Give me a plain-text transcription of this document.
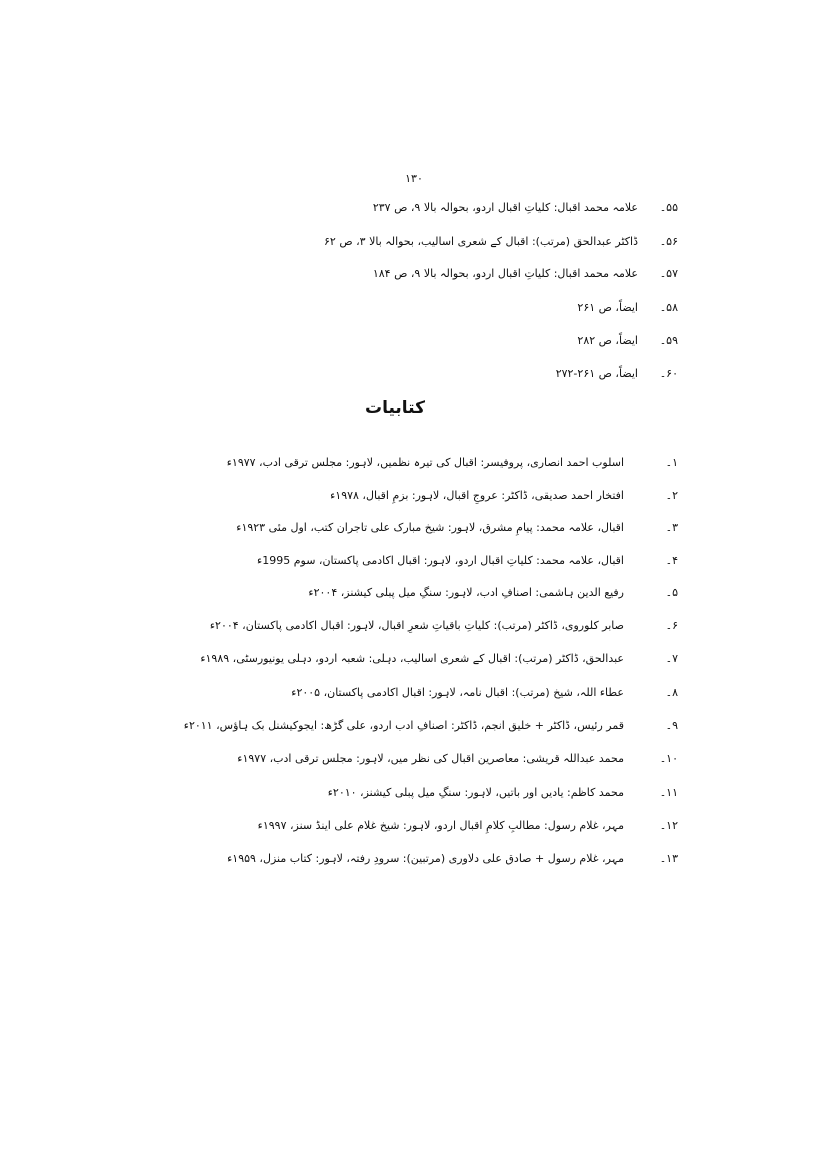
۱۳۰
۵۵۔
علامہ محمد اقبال: کلیاتِ اقبال اردو، بحوالہ بالا ۹، ص ۲۳۷
۵۶۔
ڈاکٹر عبدالحق (مرتب): اقبال کے شعری اسالیب، بحوالہ بالا ۳، ص ۶۲
۵۷۔
علامہ محمد اقبال: کلیاتِ اقبال اردو، بحوالہ بالا ۹، ص ۱۸۴
۵۸۔
ایضاً، ص ۲۶۱
۵۹۔
ایضاً، ص ۲۸۲
۶۰۔
ایضاً، ص ۲۶۱-۲۷۲
کتابیات
۱۔
اسلوب احمد انصاری، پروفیسر: اقبال کی تیرہ نظمیں، لاہور: مجلس ترقی ادب، ۱۹۷۷ء
۲۔
افتخار احمد صدیقی، ڈاکٹر: عروجِ اقبال، لاہور: بزمِ اقبال، ۱۹۷۸ء
۳۔
اقبال، علامہ محمد: پیامِ مشرق، لاہور: شیخ مبارک علی تاجران کتب، اول مئی ۱۹۲۳ء
۴۔
اقبال، علامہ محمد: کلیاتِ اقبال اردو، لاہور: اقبال اکادمی پاکستان، سوم 1995ء
۵۔
رفیع الدین ہاشمی: اصنافِ ادب، لاہور: سنگِ میل پبلی کیشنز، ۲۰۰۴ء
۶۔
صابر کلوروی، ڈاکٹر (مرتب): کلیاتِ باقیاتِ شعرِ اقبال، لاہور: اقبال اکادمی پاکستان، ۲۰۰۴ء
۷۔
عبدالحق، ڈاکٹر (مرتب): اقبال کے شعری اسالیب، دہلی: شعبہ اردو، دہلی یونیورسٹی، ۱۹۸۹ء
۸۔
عطاء اللہ، شیخ (مرتب): اقبال نامہ، لاہور: اقبال اکادمی پاکستان، ۲۰۰۵ء
۹۔
قمر رئیس، ڈاکٹر + خلیق انجم، ڈاکٹر: اصنافِ ادب اردو، علی گڑھ: ایجوکیشنل بک ہاؤس، ۲۰۱۱ء
۱۰۔
محمد عبداللہ قریشی: معاصرین اقبال کی نظر میں، لاہور: مجلس ترقی ادب، ۱۹۷۷ء
۱۱۔
محمد کاظم: یادیں اور باتیں، لاہور: سنگِ میل پبلی کیشنز، ۲۰۱۰ء
۱۲۔
مہر، غلام رسول: مطالبِ کلامِ اقبال اردو، لاہور: شیخ غلام علی اینڈ سنز، ۱۹۹۷ء
۱۳۔
مہر، غلام رسول + صادق علی دلاوری (مرتبین): سرودِ رفتہ، لاہور: کتاب منزل، ۱۹۵۹ء
